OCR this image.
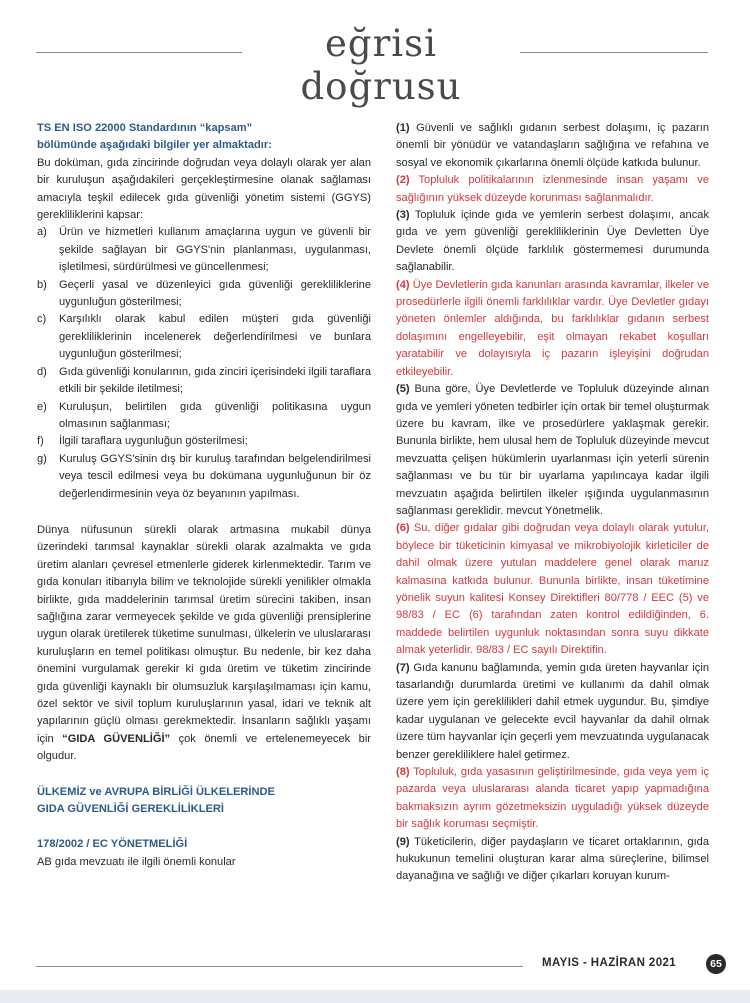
eğrisi doğrusu

TS EN ISO 22000 Standardının “kapsam”
bölümünde aşağıdaki bilgiler yer almaktadır:

Bu doküman, gıda zincirinde doğrudan veya dolaylı olarak yer alan bir kuruluşun aşağıdakileri gerçekleştirmesine olanak sağlaması amacıyla teşkil edilecek gıda güvenliği yönetim sistemi (GGYS) gerekliliklerini kapsar:

a) Ürün ve hizmetleri kullanım amaçlarına uygun ve güvenli bir şekilde sağlayan bir GGYS'nin planlanması, uygulanması, işletilmesi, sürdürülmesi ve güncellenmesi;
b) Geçerli yasal ve düzenleyici gıda güvenliği gerekliliklerine uygunluğun gösterilmesi;
c) Karşılıklı olarak kabul edilen müşteri gıda güvenliği gerekliliklerinin incelenerek değerlendirilmesi ve bunlara uygunluğun gösterilmesi;
d) Gıda güvenliği konularının, gıda zinciri içerisindeki ilgili taraflara etkili bir şekilde iletilmesi;
e) Kuruluşun, belirtilen gıda güvenliği politikasına uygun olmasının sağlanması;
f) İlgili taraflara uygunluğun gösterilmesi;
g) Kuruluş GGYS'sinin dış bir kuruluş tarafından belgelendirilmesi veya tescil edilmesi veya bu dokümana uygunluğunun bir öz değerlendirmesinin veya öz beyanının yapılması.

Dünya nüfusunun sürekli olarak artmasına mukabil dünya üzerindeki tarımsal kaynaklar sürekli olarak azalmakta ve gıda üretim alanları çevresel etmenlerle giderek kirlenmektedir. Tarım ve gıda konuları itibarıyla bilim ve teknolojide sürekli yenilikler olmakla birlikte, gıda maddelerinin tarımsal üretim sürecini takiben, insan sağlığına zarar vermeyecek şekilde ve gıda güvenliği prensiplerine uygun olarak üretilerek tüketime sunulması, ülkelerin ve uluslararası kuruluşların en temel politikası olmuştur. Bu nedenle, bir kez daha önemini vurgulamak gerekir ki gıda üretim ve tüketim zincirinde gıda güvenliği kaynaklı bir olumsuzluk karşılaşılmaması için kamu, özel sektör ve sivil toplum kuruluşlarının yasal, idari ve teknik alt yapılarının güçlü olması gerekmektedir. İnsanların sağlıklı yaşamı için “GIDA GÜVENLİĞİ” çok önemli ve ertelenemeyecek bir olgudur.

ÜLKEMİZ ve AVRUPA BİRLİĞİ ÜLKELERİNDE
GIDA GÜVENLİĞİ GEREKLİLİKLERİ

178/2002 / EC YÖNETMELİĞİ

AB gıda mevzuatı ile ilgili önemli konular

(1) Güvenli ve sağlıklı gıdanın serbest dolaşımı, iç pazarın önemli bir yönüdür ve vatandaşların sağlığına ve refahına ve sosyal ve ekonomik çıkarlarına önemli ölçüde katkıda bulunur.

(2) Topluluk politikalarının izlenmesinde insan yaşamı ve sağlığının yüksek düzeyde korunması sağlanmalıdır.

(3) Topluluk içinde gıda ve yemlerin serbest dolaşımı, ancak gıda ve yem güvenliği gerekliliklerinin Üye Devletten Üye Devlete önemli ölçüde farklılık göstermemesi durumunda sağlanabilir.

(4) Üye Devletlerin gıda kanunları arasında kavramlar, ilkeler ve prosedürlerle ilgili önemli farklılıklar vardır. Üye Devletler gıdayı yöneten önlemler aldığında, bu farklılıklar gıdanın serbest dolaşımını engelleyebilir, eşit olmayan rekabet koşulları yaratabilir ve dolayısıyla iç pazarın işleyişini doğrudan etkileyebilir.

(5) Buna göre, Üye Devletlerde ve Topluluk düzeyinde alınan gıda ve yemleri yöneten tedbirler için ortak bir temel oluşturmak üzere bu kavram, ilke ve prosedürlere yaklaşmak gerekir. Bununla birlikte, hem ulusal hem de Topluluk düzeyinde mevcut mevzuatta çelişen hükümlerin uyarlanması için yeterli sürenin sağlanması ve bu tür bir uyarlama yapılıncaya kadar ilgili mevzuatın aşağıda belirtilen ilkeler ışığında uygulanmasının sağlanması gereklidir. mevcut Yönetmelik.

(6) Su, diğer gıdalar gibi doğrudan veya dolaylı olarak yutulur, böylece bir tüketicinin kimyasal ve mikrobiyolojik kirleticiler de dahil olmak üzere yutulan maddelere genel olarak maruz kalmasına katkıda bulunur. Bununla birlikte, insan tüketimine yönelik suyun kalitesi Konsey Direktifleri 80/778 / EEC (5) ve 98/83 / EC (6) tarafından zaten kontrol edildiğinden, 6. maddede belirtilen uygunluk noktasından sonra suyu dikkate almak yeterlidir. 98/83 / EC sayılı Direktifin.

(7) Gıda kanunu bağlamında, yemin gıda üreten hayvanlar için tasarlandığı durumlarda üretimi ve kullanımı da dahil olmak üzere yem için gereklilikleri dahil etmek uygundur. Bu, şimdiye kadar uygulanan ve gelecekte evcil hayvanlar da dahil olmak üzere tüm hayvanlar için geçerli yem mevzuatında uygulanacak benzer gerekliliklere halel getirmez.

(8) Topluluk, gıda yasasının geliştirilmesinde, gıda veya yem iç pazarda veya uluslararası alanda ticaret yapıp yapmadığına bakmaksızın ayrım gözetmeksizin uyguladığı yüksek düzeyde bir sağlık koruması seçmiştir.

(9) Tüketicilerin, diğer paydaşların ve ticaret ortaklarının, gıda hukukunun temelini oluşturan karar alma süreçlerine, bilimsel dayanağına ve sağlığı ve diğer çıkarları koruyan kurum-

MAYIS - HAZİRAN 2021	65
